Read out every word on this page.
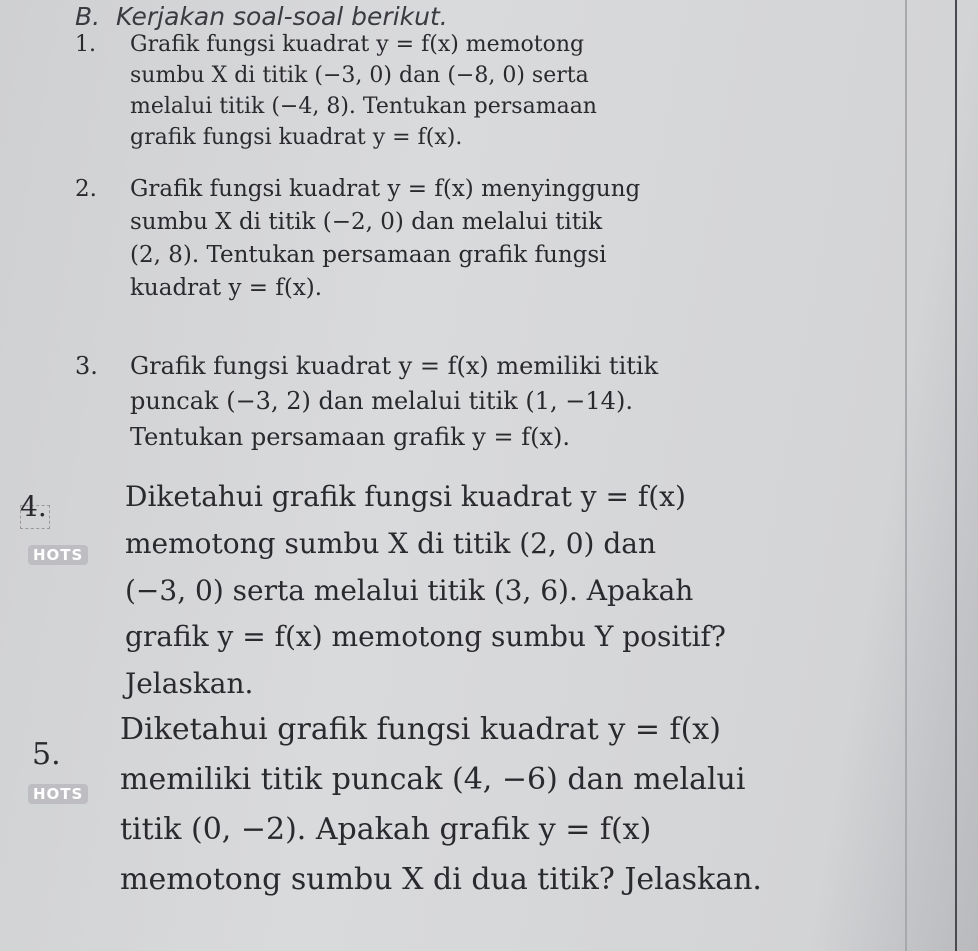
B. Kerjakan soal-soal berikut.
1. Grafik fungsi kuadrat y = f(x) memotong
sumbu X di titik (−3, 0) dan (−8, 0) serta
melalui titik (−4, 8). Tentukan persamaan
grafik fungsi kuadrat y = f(x).
2. Grafik fungsi kuadrat y = f(x) menyinggung
sumbu X di titik (−2, 0) dan melalui titik
(2, 8). Tentukan persamaan grafik fungsi
kuadrat y = f(x).
3. Grafik fungsi kuadrat y = f(x) memiliki titik
puncak (−3, 2) dan melalui titik (1, −14).
Tentukan persamaan grafik y = f(x).
4.
HOTS
Diketahui grafik fungsi kuadrat y = f(x)
memotong sumbu X di titik (2, 0) dan
(−3, 0) serta melalui titik (3, 6). Apakah
grafik y = f(x) memotong sumbu Y positif?
Jelaskan.
5.
HOTS
Diketahui grafik fungsi kuadrat y = f(x)
memiliki titik puncak (4, −6) dan melalui
titik (0, −2). Apakah grafik y = f(x)
memotong sumbu X di dua titik? Jelaskan.
